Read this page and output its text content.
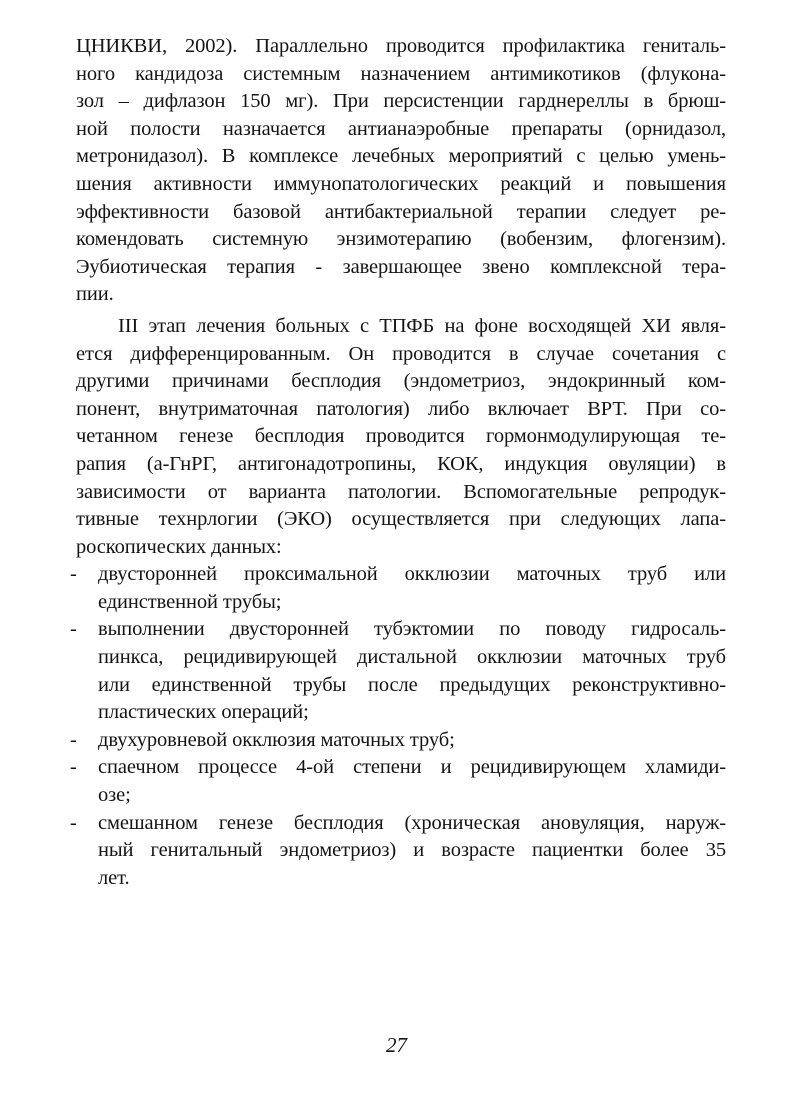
ЦНИКВИ, 2002). Параллельно проводится профилактика гениталь-
ного кандидоза системным назначением антимикотиков (флукона-
зол – дифлазон 150 мг). При персистенции гарднереллы в брюш-
ной полости назначается антианаэробные препараты (орнидазол,
метронидазол). В комплексе лечебных мероприятий с целью умень-
шения активности иммунопатологических реакций и повышения
эффективности базовой антибактериальной терапии следует ре-
комендовать системную энзимотерапию (вобензим, флогензим).
Эубиотическая терапия - завершающее звено комплексной тера-
пии.
III этап лечения больных с ТПФБ на фоне восходящей ХИ явля-
ется дифференцированным. Он проводится в случае сочетания с
другими причинами бесплодия (эндометриоз, эндокринный ком-
понент, внутриматочная патология) либо включает ВРТ. При со-
четанном генезе бесплодия проводится гормонмодулирующая те-
рапия (а-ГнРГ, антигонадотропины, КОК, индукция овуляции) в
зависимости от варианта патологии. Вспомогательные репродук-
тивные технрлогии (ЭКО) осуществляется при следующих лапа-
роскопических данных:
- двусторонней проксимальной окклюзии маточных труб или
единственной трубы;
- выполнении двусторонней тубэктомии по поводу гидросаль-
пинкса, рецидивирующей дистальной окклюзии маточных труб
или единственной трубы после предыдущих реконструктивно-
пластических операций;
- двухуровневой окклюзия маточных труб;
- спаечном процессе 4-ой степени и рецидивирующем хламиди-
озе;
- смешанном генезе бесплодия (хроническая ановуляция, наруж-
ный генитальный эндометриоз) и возрасте пациентки более 35
лет.
27
